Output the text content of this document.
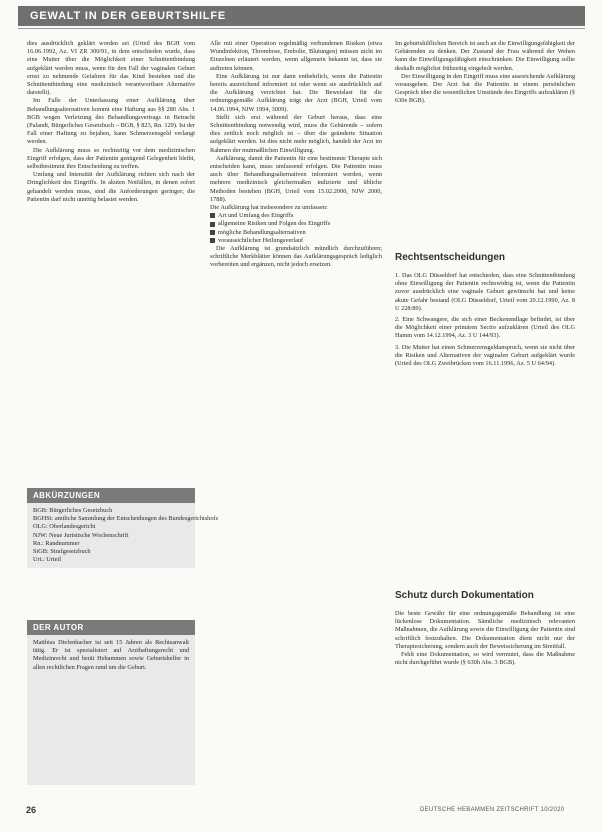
GEWALT IN DER GEBURTSHILFE

dies ausdrücklich geklärt worden sei (Urteil des BGH vom 16.06.1992, Az. VI ZR 300/91, in dem entschieden wurde, dass eine Mutter über die Möglichkeit einer Schnittentbindung aufgeklärt werden muss, wenn für den Fall der vaginalen Geburt ernst zu nehmende Gefahren für das Kind bestehen und die Schnittentbindung eine medizinisch verantwortbare Alternative darstellt).

Im Falle der Unterlassung einer Aufklärung über Behandlungsalternativen kommt eine Haftung aus §§ 280 Abs. 1 BGB wegen Verletzung des Behandlungsvertrags in Betracht (Palandt, Bürgerliches Gesetzbuch – BGB, § 823, Rn. 129). Ist der Fall einer Haftung zu bejahen, kann Schmerzensgeld verlangt werden.

Die Aufklärung muss so rechtzeitig vor dem medizinischen Eingriff erfolgen, dass der Patientin genügend Gelegenheit bleibt, selbstbestimmt ihre Entscheidung zu treffen.

Umfang und Intensität der Aufklärung richten sich nach der Dringlichkeit des Eingriffs. In akuten Notfällen, in denen sofort gehandelt werden muss, sind die Anforderungen geringer; die Patientin darf nicht unnötig belastet werden.

ABKÜRZUNGEN
BGB: Bürgerliches Gesetzbuch
BGHSt: amtliche Sammlung der Entscheidungen des Bundesgerichtshofs
OLG: Oberlandesgericht
NJW: Neue Juristische Wochenschrift
Rn.: Randnummer
StGB: Strafgesetzbuch
Urt.: Urteil
DER AUTOR

Matthias Diefenbacher ist seit 15 Jahren als Rechtsanwalt tätig. Er ist spezialisiert auf Arzthaftungsrecht und Medizinrecht und berät Hebammen sowie Geburtshelfer in allen rechtlichen Fragen rund um die Geburt.

Alle mit einer Operation regelmäßig verbundenen Risiken (etwa Wundinfektion, Thrombose, Embolie, Blutungen) müssen nicht im Einzelnen erläutert werden, wenn allgemein bekannt ist, dass sie auftreten können.

Eine Aufklärung ist nur dann entbehrlich, wenn die Patientin bereits ausreichend informiert ist oder wenn sie ausdrücklich auf die Aufklärung verzichtet hat. Die Beweislast für die ordnungsgemäße Aufklärung trägt der Arzt (BGH, Urteil vom 14.06.1994, NJW 1994, 3009).

Stellt sich erst während der Geburt heraus, dass eine Schnittentbindung notwendig wird, muss die Gebärende – sofern dies zeitlich noch möglich ist – über die geänderte Situation aufgeklärt werden. Ist dies nicht mehr möglich, handelt der Arzt im Rahmen der mutmaßlichen Einwilligung.

Aufklärung, damit die Patientin für eine bestimmte Therapie sich entscheiden kann, muss umfassend erfolgen. Die Patientin muss auch über Behandlungsalternativen informiert werden, wenn mehrere medizinisch gleichermaßen indizierte und übliche Methoden bestehen (BGH, Urteil vom 15.02.2000, NJW 2000, 1788).

Die Aufklärung hat insbesondere zu umfassen:

Art und Umfang des Eingriffs

allgemeine Risiken und Folgen des Eingriffs

mögliche Behandlungsalternativen

voraussichtlicher Heilungsverlauf

Die Aufklärung ist grundsätzlich mündlich durchzuführen; schriftliche Merkblätter können das Aufklärungsgespräch lediglich vorbereiten und ergänzen, nicht jedoch ersetzen.

Im geburtshilflichen Bereich ist auch an die Einwilligungsfähigkeit der Gebärenden zu denken. Der Zustand der Frau während der Wehen kann die Einwilligungsfähigkeit einschränken. Die Einwilligung sollte deshalb möglichst frühzeitig eingeholt werden.

Der Einwilligung in den Eingriff muss eine ausreichende Aufklärung vorausgehen. Der Arzt hat die Patientin in einem persönlichen Gespräch über die wesentlichen Umstände des Eingriffs aufzuklären (§ 630e BGB).

Rechtsentscheidungen

1. Das OLG Düsseldorf hat entschieden, dass eine Schnittentbindung ohne Einwilligung der Patientin rechtswidrig ist, wenn die Patientin zuvor ausdrücklich eine vaginale Geburt gewünscht hat und keine akute Gefahr bestand (OLG Düsseldorf, Urteil vom 20.12.1990, Az. 8 U 228/89).

2. Eine Schwangere, die sich einer Beckenendlage befindet, ist über die Möglichkeit einer primären Sectio aufzuklären (Urteil des OLG Hamm vom 14.12.1994, Az. 3 U 144/93).

3. Die Mutter hat einen Schmerzensgeldanspruch, wenn sie nicht über die Risiken und Alternativen der vaginalen Geburt aufgeklärt wurde (Urteil des OLG Zweibrücken vom 16.11.1996, Az. 5 U 64/94).

Schutz durch Dokumentation

Die beste Gewähr für eine ordnungsgemäße Behandlung ist eine lückenlose Dokumentation. Sämtliche medizinisch relevanten Maßnahmen, die Aufklärung sowie die Einwilligung der Patientin sind schriftlich festzuhalten. Die Dokumentation dient nicht nur der Therapiesicherung, sondern auch der Beweissicherung im Streitfall.

Fehlt eine Dokumentation, so wird vermutet, dass die Maßnahme nicht durchgeführt wurde (§ 630h Abs. 3 BGB).

26	DEUTSCHE HEBAMMEN ZEITSCHRIFT 10/2020
